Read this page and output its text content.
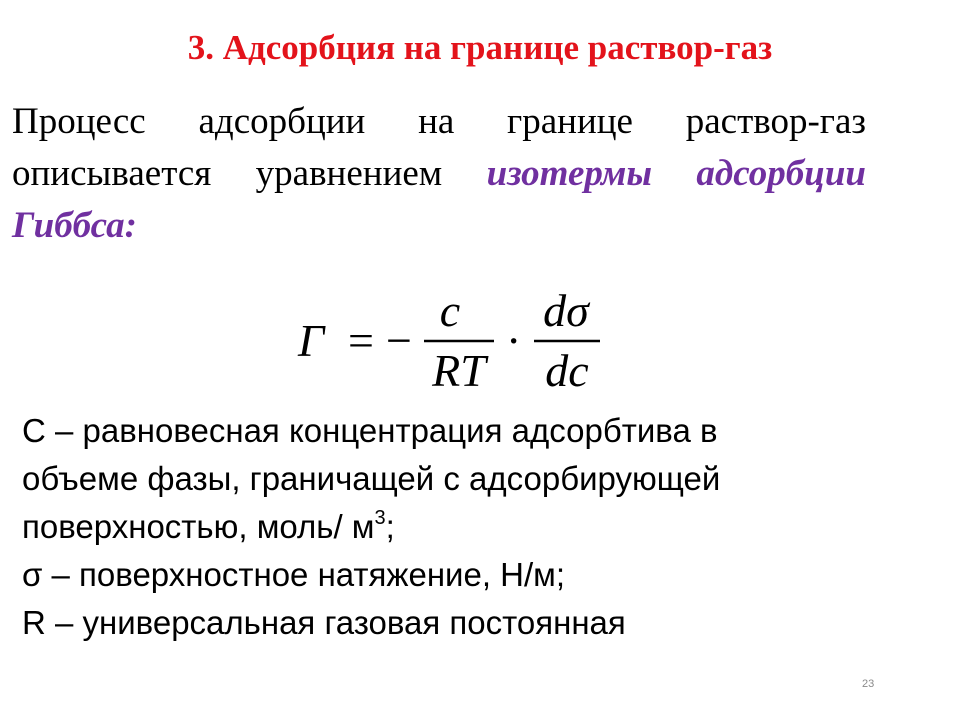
3. Адсорбция на границе раствор-газ

Процесс адсорбции на границе раствор-газ описывается уравнением изотермы адсорбции Гиббса:

Γ = −
c
RT
·
dσ
dc
С – равновесная концентрация адсорбтива в
объеме фазы, граничащей с адсорбирующей
поверхностью, моль/ $м^3$;
σ – поверхностное натяжение, Н/м;
R – универсальная газовая постоянная
23
